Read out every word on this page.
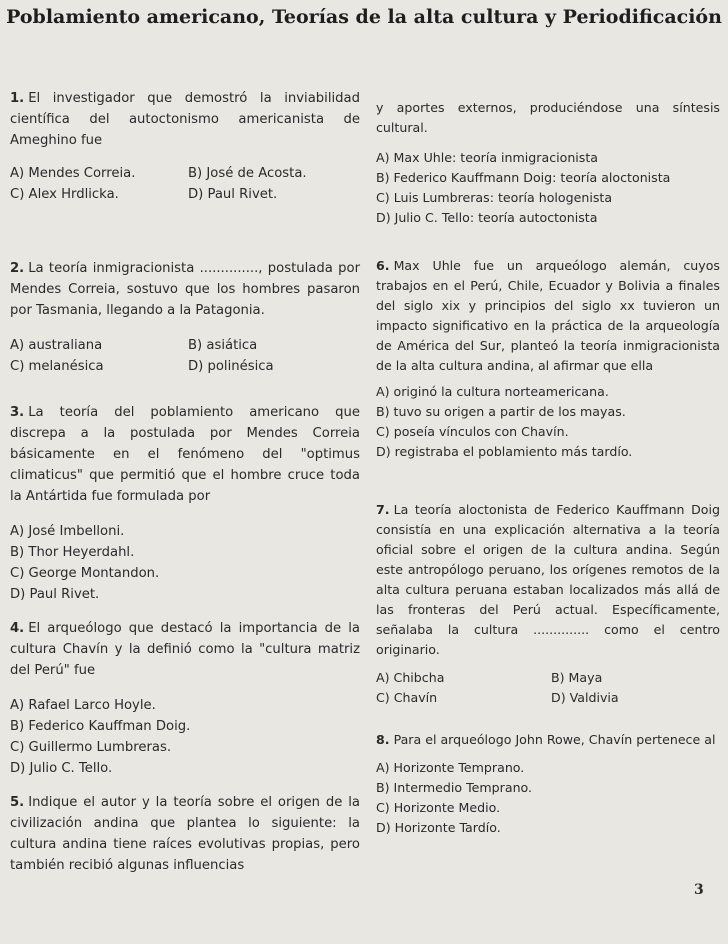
Poblamiento americano, Teorías de la alta cultura y Periodificación
1. El investigador que demostró la inviabilidad científica del autoctonismo americanista de Ameghino fue
A) Mendes Correia.	B) José de Acosta.
C) Alex Hrdlicka.	D) Paul Rivet.
2. La teoría inmigracionista .............., postulada por Mendes Correia, sostuvo que los hombres pasaron por Tasmania, llegando a la Patagonia.
A) australiana	B) asiática
C) melanésica	D) polinésica
3. La teoría del poblamiento americano que discrepa a la postulada por Mendes Correia básicamente en el fenómeno del "optimus climaticus" que permitió que el hombre cruce toda la Antártida fue formulada por
A) José Imbelloni.
B) Thor Heyerdahl.
C) George Montandon.
D) Paul Rivet.
4. El arqueólogo que destacó la importancia de la cultura Chavín y la definió como la "cultura matriz del Perú" fue
A) Rafael Larco Hoyle.
B) Federico Kauffman Doig.
C) Guillermo Lumbreras.
D) Julio C. Tello.
5. Indique el autor y la teoría sobre el origen de la civilización andina que plantea lo siguiente: la cultura andina tiene raíces evolutivas propias, pero también recibió algunas influencias
y aportes externos, produciéndose una síntesis cultural.
A) Max Uhle: teoría inmigracionista
B) Federico Kauffmann Doig: teoría aloctonista
C) Luis Lumbreras: teoría hologenista
D) Julio C. Tello: teoría autoctonista
6. Max Uhle fue un arqueólogo alemán, cuyos trabajos en el Perú, Chile, Ecuador y Bolivia a finales del siglo xix y principios del siglo xx tuvieron un impacto significativo en la práctica de la arqueología de América del Sur, planteó la teoría inmigracionista de la alta cultura andina, al afirmar que ella
A) originó la cultura norteamericana.
B) tuvo su origen a partir de los mayas.
C) poseía vínculos con Chavín.
D) registraba el poblamiento más tardío.
7. La teoría aloctonista de Federico Kauffmann Doig consistía en una explicación alternativa a la teoría oficial sobre el origen de la cultura andina. Según este antropólogo peruano, los orígenes remotos de la alta cultura peruana estaban localizados más allá de las fronteras del Perú actual. Específicamente, señalaba la cultura .............. como el centro originario.
A) Chibcha	B) Maya
C) Chavín	D) Valdivia
8. Para el arqueólogo John Rowe, Chavín pertenece al
A) Horizonte Temprano.
B) Intermedio Temprano.
C) Horizonte Medio.
D) Horizonte Tardío.
3
